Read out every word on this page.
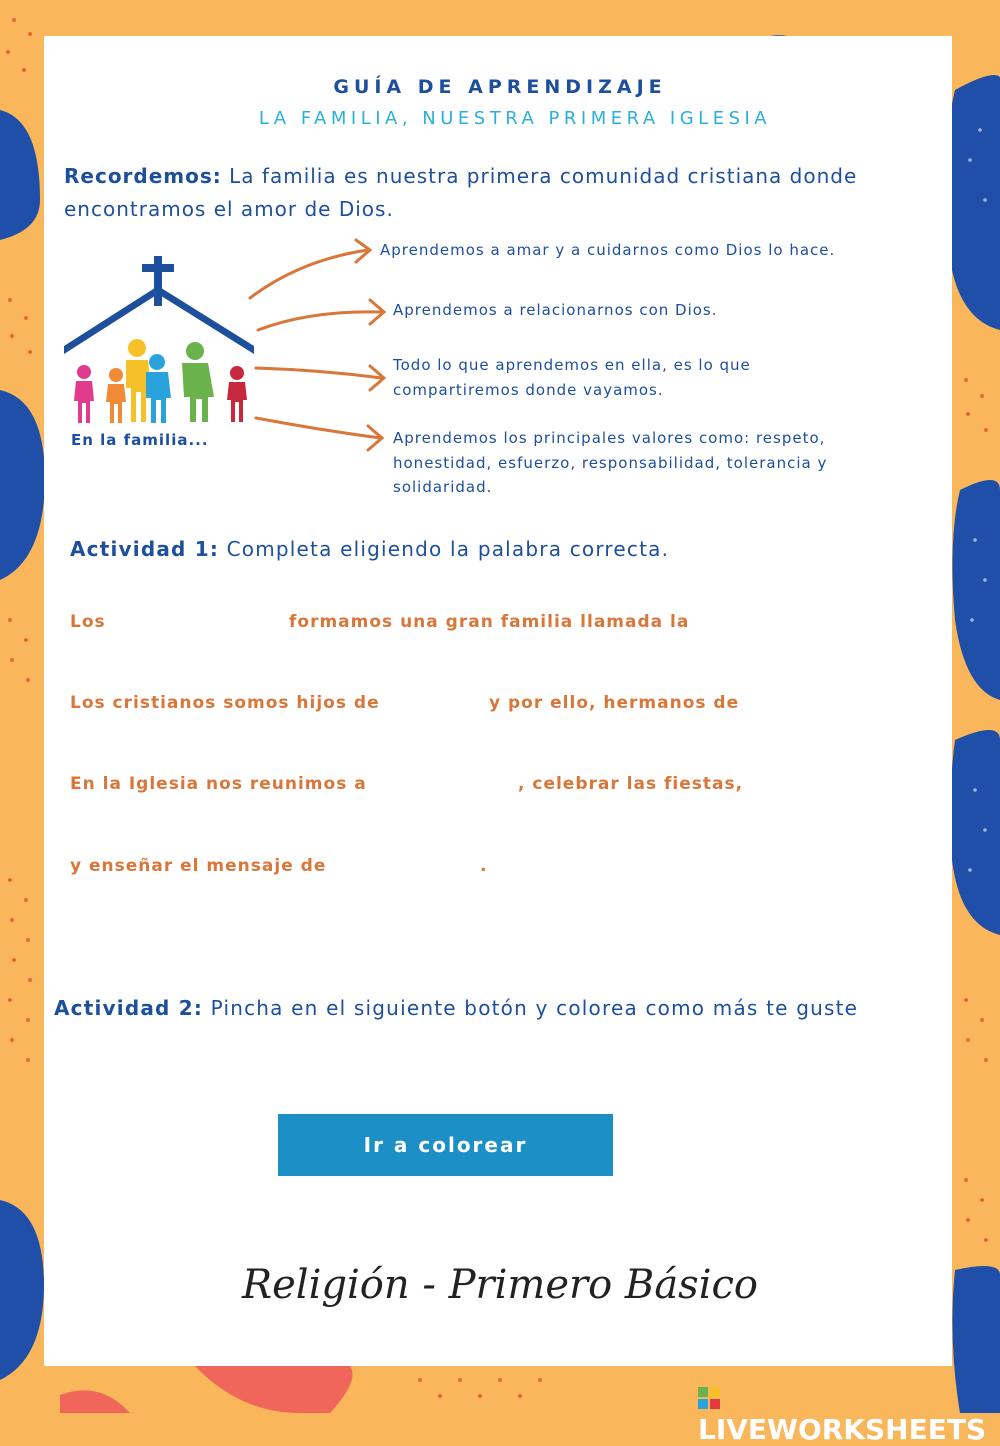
GUÍA DE APRENDIZAJE
LA FAMILIA, NUESTRA PRIMERA IGLESIA
Recordemos: La familia es nuestra primera comunidad cristiana donde encontramos el amor de Dios.
En la familia...
Aprendemos a amar y a cuidarnos como Dios lo hace.
Aprendemos a relacionarnos con Dios.
Todo lo que aprendemos en ella, es lo que compartiremos donde vayamos.
Aprendemos los principales valores como: respeto, honestidad, esfuerzo, responsabilidad, tolerancia y solidaridad.
Actividad 1: Completa eligiendo la palabra correcta.
Los	formamos una gran familia llamada la
Los cristianos somos hijos de	y por ello, hermanos de
En la Iglesia nos reunimos a	, celebrar las fiestas,
y enseñar el mensaje de	.
Actividad 2: Pincha en el siguiente botón y colorea como más te guste
Ir a colorear
Religión - Primero Básico
LIVEWORKSHEETS
